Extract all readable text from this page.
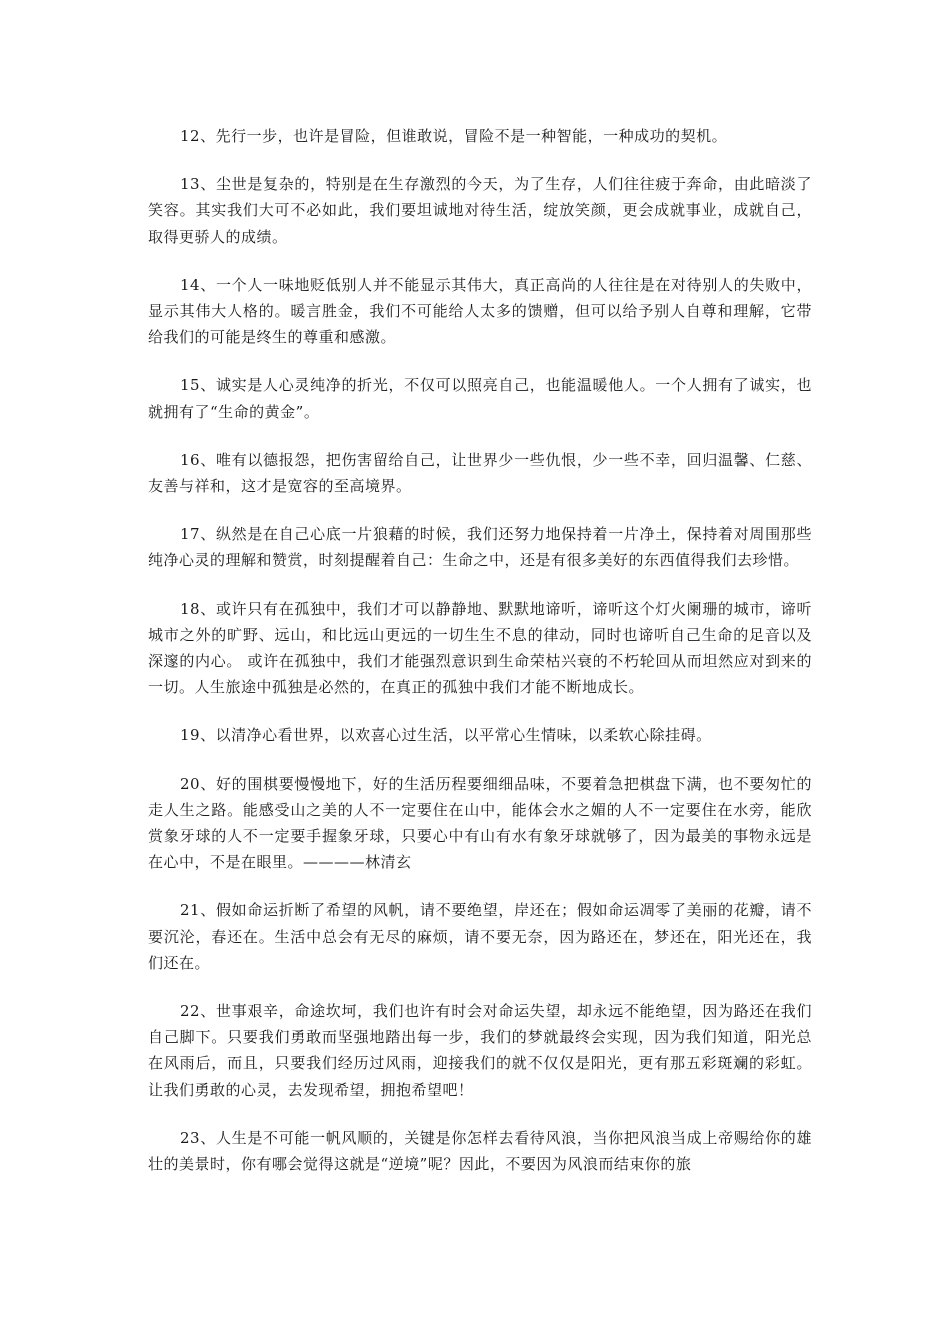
12、先行一步，也许是冒险，但谁敢说，冒险不是一种智能，一种成功的契机。

13、尘世是复杂的，特别是在生存激烈的今天，为了生存，人们往往疲于奔命，由此暗淡了笑容。其实我们大可不必如此，我们要坦诚地对待生活，绽放笑颜，更会成就事业，成就自己，取得更骄人的成绩。

14、一个人一味地贬低别人并不能显示其伟大，真正高尚的人往往是在对待别人的失败中，显示其伟大人格的。暖言胜金，我们不可能给人太多的馈赠，但可以给予别人自尊和理解，它带给我们的可能是终生的尊重和感激。

15、诚实是人心灵纯净的折光，不仅可以照亮自己，也能温暖他人。一个人拥有了诚实，也就拥有了“生命的黄金”。

16、唯有以德报怨，把伤害留给自己，让世界少一些仇恨，少一些不幸，回归温馨、仁慈、友善与祥和，这才是宽容的至高境界。

17、纵然是在自己心底一片狼藉的时候，我们还努力地保持着一片净土，保持着对周围那些纯净心灵的理解和赞赏，时刻提醒着自己：生命之中，还是有很多美好的东西值得我们去珍惜。

18、或许只有在孤独中，我们才可以静静地、默默地谛听，谛听这个灯火阑珊的城市，谛听城市之外的旷野、远山，和比远山更远的一切生生不息的律动，同时也谛听自己生命的足音以及深邃的内心。 或许在孤独中，我们才能强烈意识到生命荣枯兴衰的不朽轮回从而坦然应对到来的一切。人生旅途中孤独是必然的，在真正的孤独中我们才能不断地成长。

19、以清净心看世界，以欢喜心过生活，以平常心生情味，以柔软心除挂碍。

20、好的围棋要慢慢地下，好的生活历程要细细品味，不要着急把棋盘下满，也不要匆忙的走人生之路。能感受山之美的人不一定要住在山中，能体会水之媚的人不一定要住在水旁，能欣赏象牙球的人不一定要手握象牙球，只要心中有山有水有象牙球就够了，因为最美的事物永远是在心中，不是在眼里。————林清玄

21、假如命运折断了希望的风帆，请不要绝望，岸还在；假如命运凋零了美丽的花瓣，请不要沉沦，春还在。生活中总会有无尽的麻烦，请不要无奈，因为路还在，梦还在，阳光还在，我们还在。

22、世事艰辛，命途坎坷，我们也许有时会对命运失望，却永远不能绝望，因为路还在我们自己脚下。只要我们勇敢而坚强地踏出每一步，我们的梦就最终会实现，因为我们知道，阳光总在风雨后，而且，只要我们经历过风雨，迎接我们的就不仅仅是阳光，更有那五彩斑斓的彩虹。让我们勇敢的心灵，去发现希望，拥抱希望吧！

23、人生是不可能一帆风顺的，关键是你怎样去看待风浪，当你把风浪当成上帝赐给你的雄壮的美景时，你有哪会觉得这就是“逆境”呢？因此，不要因为风浪而结束你的旅
